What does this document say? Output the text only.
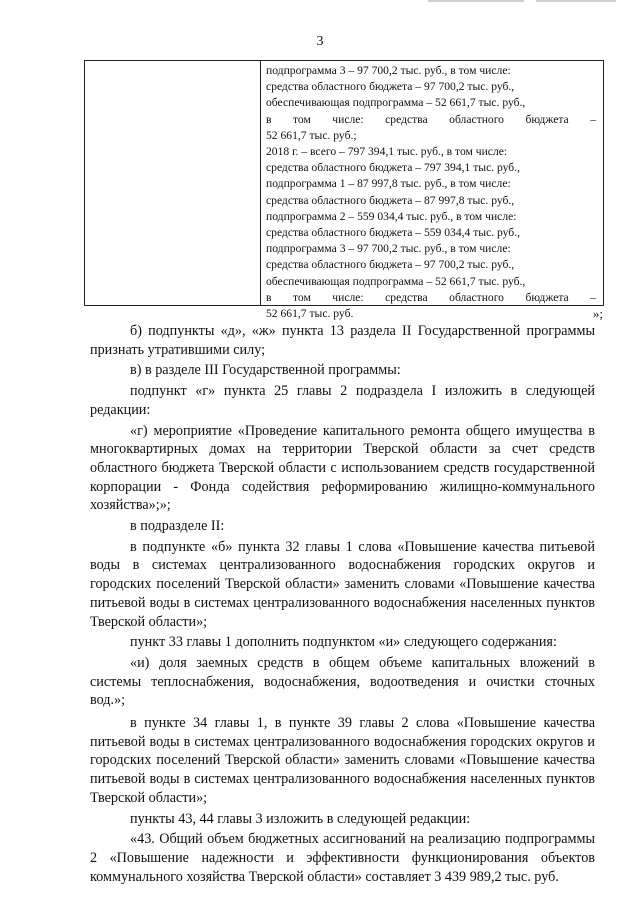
3
подпрограмма 3 – 97 700,2 тыс. руб., в том числе:
средства областного бюджета – 97 700,2 тыс. руб.,
обеспечивающая подпрограмма – 52 661,7 тыс. руб.,
в том числе: средства областного бюджета –
52 661,7 тыс. руб.;
2018 г. – всего – 797 394,1 тыс. руб., в том числе:
средства областного бюджета – 797 394,1 тыс. руб.,
подпрограмма 1 – 87 997,8 тыс. руб., в том числе:
средства областного бюджета – 87 997,8 тыс. руб.,
подпрограмма 2 – 559 034,4 тыс. руб., в том числе:
средства областного бюджета – 559 034,4 тыс. руб.,
подпрограмма 3 – 97 700,2 тыс. руб., в том числе:
средства областного бюджета – 97 700,2 тыс. руб.,
обеспечивающая подпрограмма – 52 661,7 тыс. руб.,
в том числе: средства областного бюджета –
52 661,7 тыс. руб.	»;

б) подпункты «д», «ж» пункта 13 раздела II Государственной программы признать утратившими силу;

в) в разделе III Государственной программы:

подпункт «г» пункта 25 главы 2 подраздела I изложить в следующей редакции:

«г) мероприятие «Проведение капитального ремонта общего имущества в многоквартирных домах на территории Тверской области за счет средств областного бюджета Тверской области с использованием средств государственной корпорации - Фонда содействия реформированию жилищно-коммунального хозяйства»;»;

в подразделе II:

в подпункте «б» пункта 32 главы 1 слова «Повышение качества питьевой воды в системах централизованного водоснабжения городских округов и городских поселений Тверской области» заменить словами «Повышение качества питьевой воды в системах централизованного водоснабжения населенных пунктов Тверской области»;

пункт 33 главы 1 дополнить подпунктом «и» следующего содержания:

«и) доля заемных средств в общем объеме капитальных вложений в системы теплоснабжения, водоснабжения, водоотведения и очистки сточных вод.»;

в пункте 34 главы 1, в пункте 39 главы 2 слова «Повышение качества питьевой воды в системах централизованного водоснабжения городских округов и городских поселений Тверской области» заменить словами «Повышение качества питьевой воды в системах централизованного водоснабжения населенных пунктов Тверской области»;

пункты 43, 44 главы 3 изложить в следующей редакции:

«43. Общий объем бюджетных ассигнований на реализацию подпрограммы 2 «Повышение надежности и эффективности функционирования объектов коммунального хозяйства Тверской области» составляет 3 439 989,2 тыс. руб.
